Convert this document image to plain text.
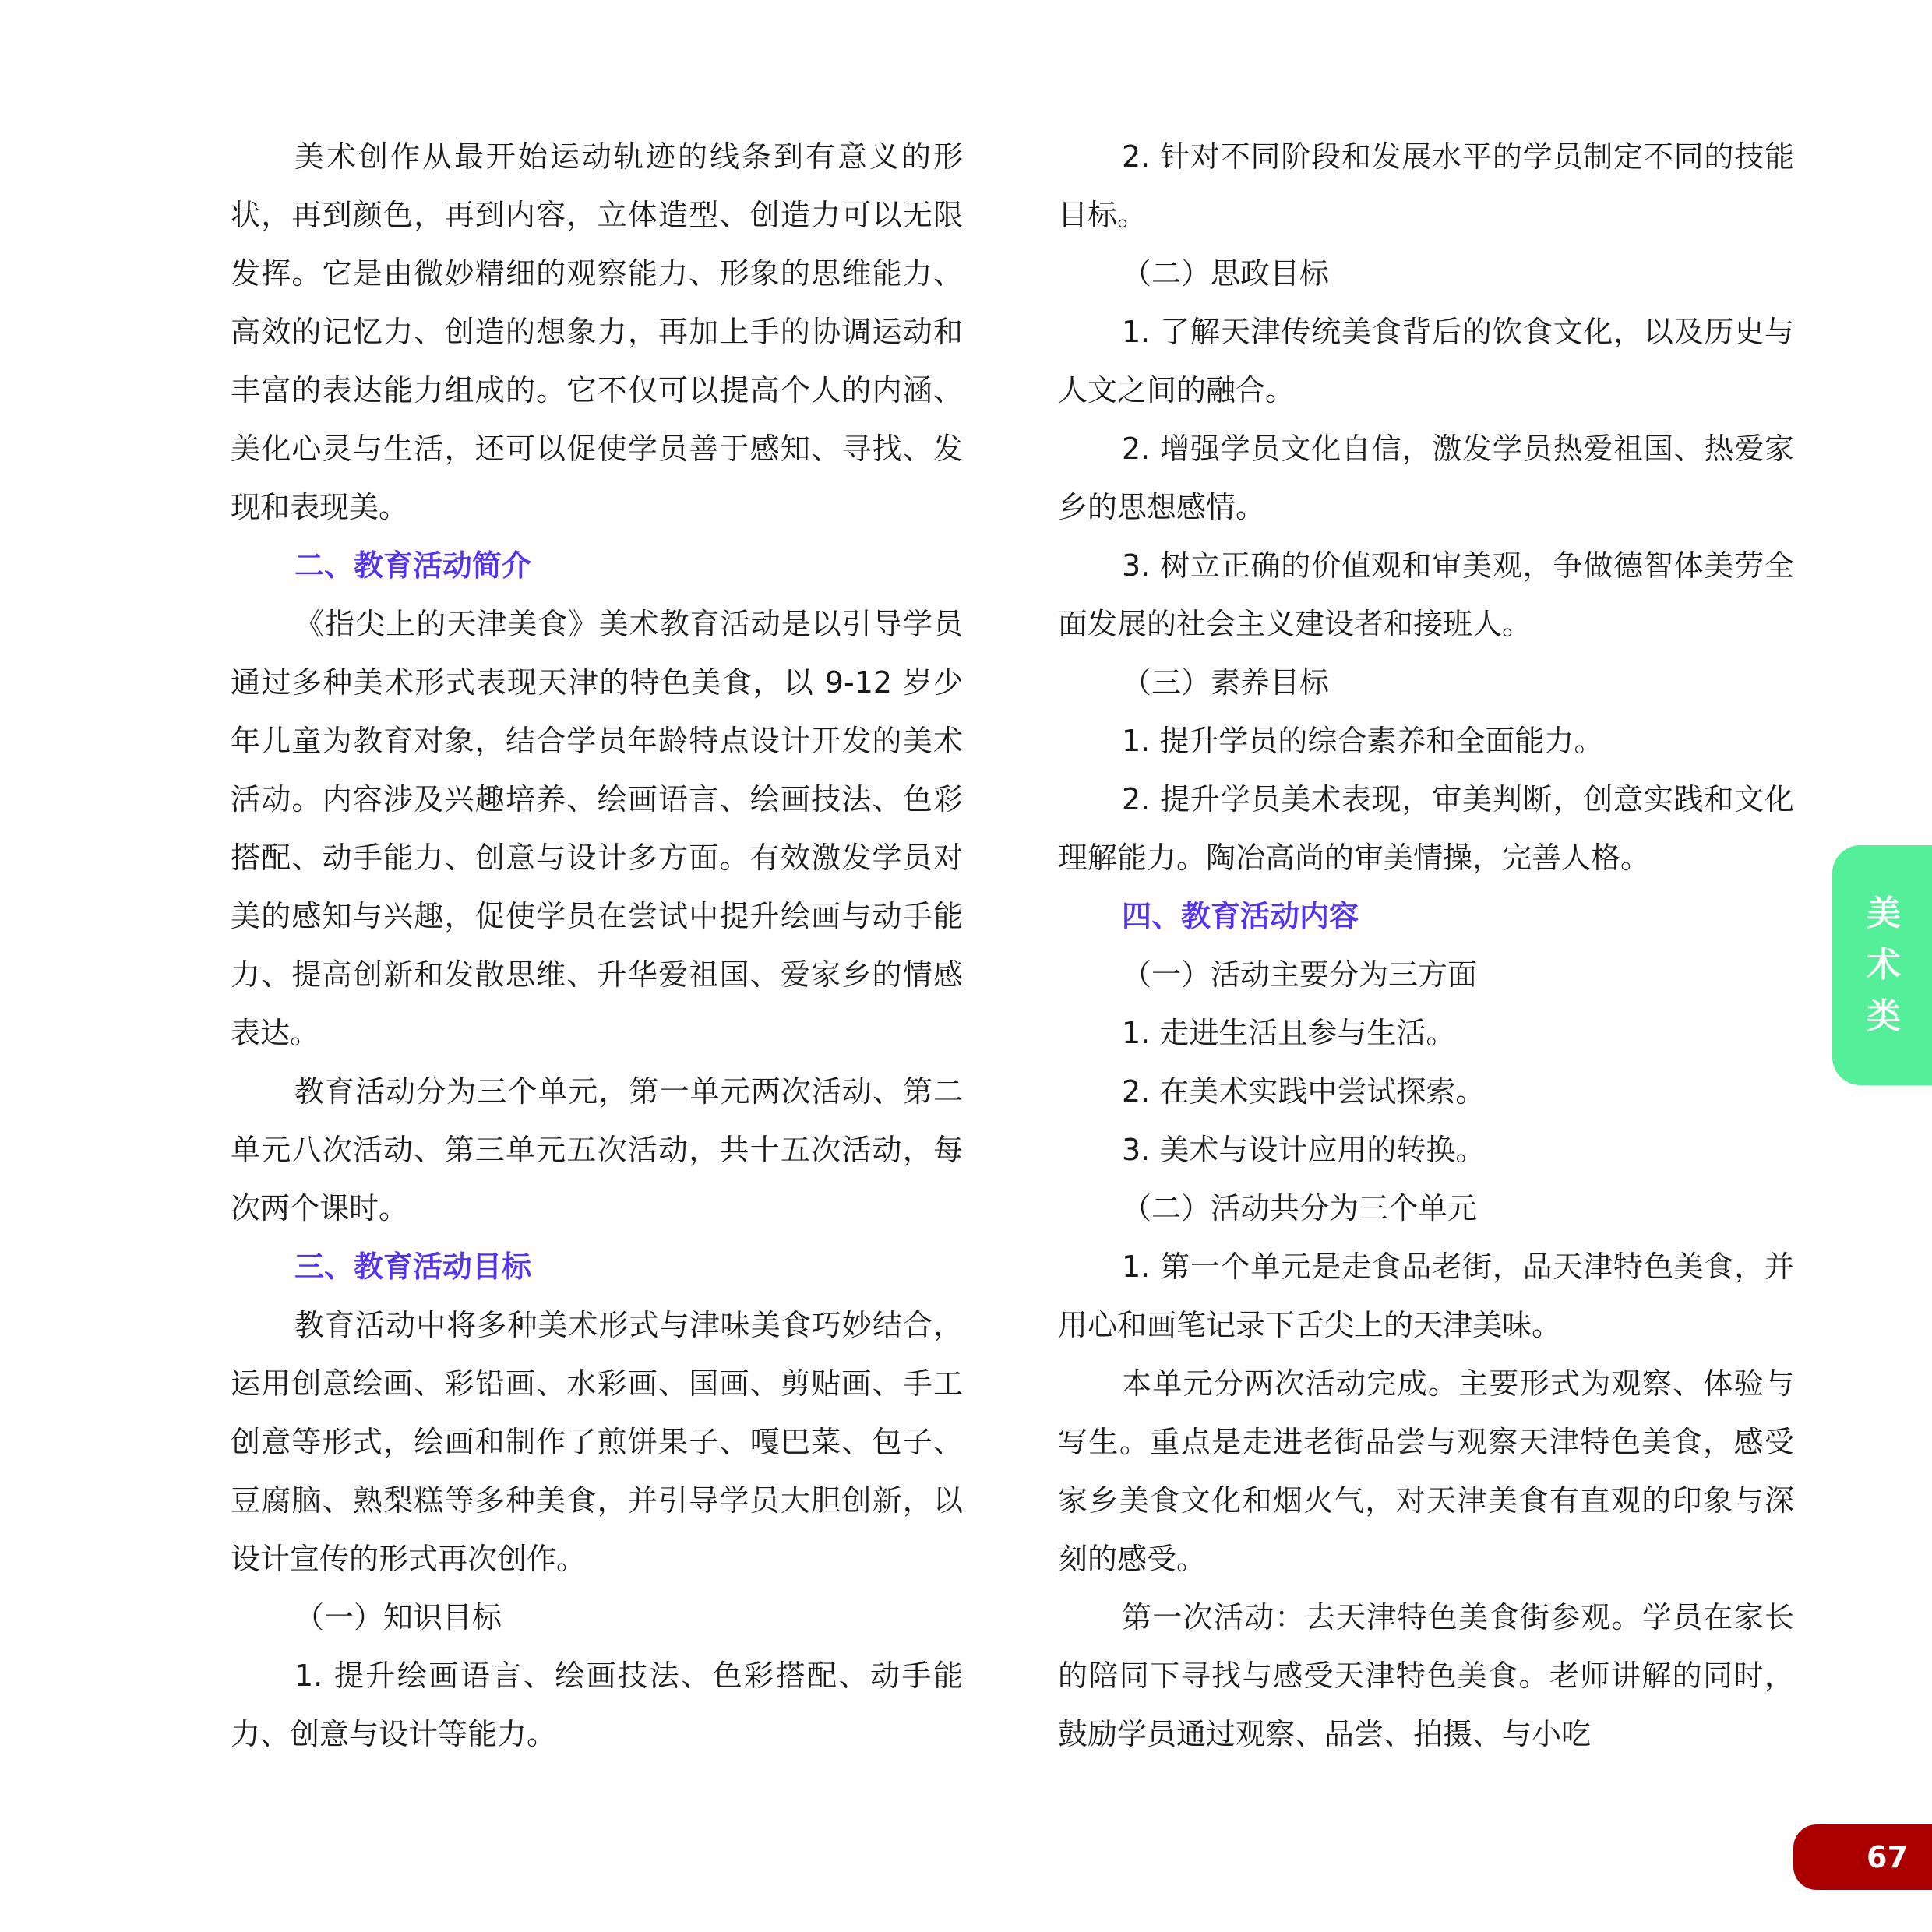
美术创作从最开始运动轨迹的线条到有意义的形状，再到颜色，再到内容，立体造型、创造力可以无限发挥。它是由微妙精细的观察能力、形象的思维能力、高效的记忆力、创造的想象力，再加上手的协调运动和丰富的表达能力组成的。它不仅可以提高个人的内涵、美化心灵与生活，还可以促使学员善于感知、寻找、发现和表现美。

二、教育活动简介

《指尖上的天津美食》美术教育活动是以引导学员通过多种美术形式表现天津的特色美食，以 9-12 岁少年儿童为教育对象，结合学员年龄特点设计开发的美术活动。内容涉及兴趣培养、绘画语言、绘画技法、色彩搭配、动手能力、创意与设计多方面。有效激发学员对美的感知与兴趣，促使学员在尝试中提升绘画与动手能力、提高创新和发散思维、升华爱祖国、爱家乡的情感表达。

教育活动分为三个单元，第一单元两次活动、第二单元八次活动、第三单元五次活动，共十五次活动，每次两个课时。

三、教育活动目标

教育活动中将多种美术形式与津味美食巧妙结合，运用创意绘画、彩铅画、水彩画、国画、剪贴画、手工创意等形式，绘画和制作了煎饼果子、嘎巴菜、包子、豆腐脑、熟梨糕等多种美食，并引导学员大胆创新，以设计宣传的形式再次创作。

（一）知识目标

1. 提升绘画语言、绘画技法、色彩搭配、动手能力、创意与设计等能力。

2. 针对不同阶段和发展水平的学员制定不同的技能目标。

（二）思政目标

1. 了解天津传统美食背后的饮食文化，以及历史与人文之间的融合。

2. 增强学员文化自信，激发学员热爱祖国、热爱家乡的思想感情。

3. 树立正确的价值观和审美观，争做德智体美劳全面发展的社会主义建设者和接班人。

（三）素养目标

1. 提升学员的综合素养和全面能力。

2. 提升学员美术表现，审美判断，创意实践和文化理解能力。陶冶高尚的审美情操，完善人格。

四、教育活动内容

（一）活动主要分为三方面

1. 走进生活且参与生活。

2. 在美术实践中尝试探索。

3. 美术与设计应用的转换。

（二）活动共分为三个单元

1. 第一个单元是走食品老街，品天津特色美食，并用心和画笔记录下舌尖上的天津美味。

本单元分两次活动完成。主要形式为观察、体验与写生。重点是走进老街品尝与观察天津特色美食，感受家乡美食文化和烟火气，对天津美食有直观的印象与深刻的感受。

第一次活动：去天津特色美食街参观。学员在家长的陪同下寻找与感受天津特色美食。老师讲解的同时，鼓励学员通过观察、品尝、拍摄、与小吃

美
术
类
67
